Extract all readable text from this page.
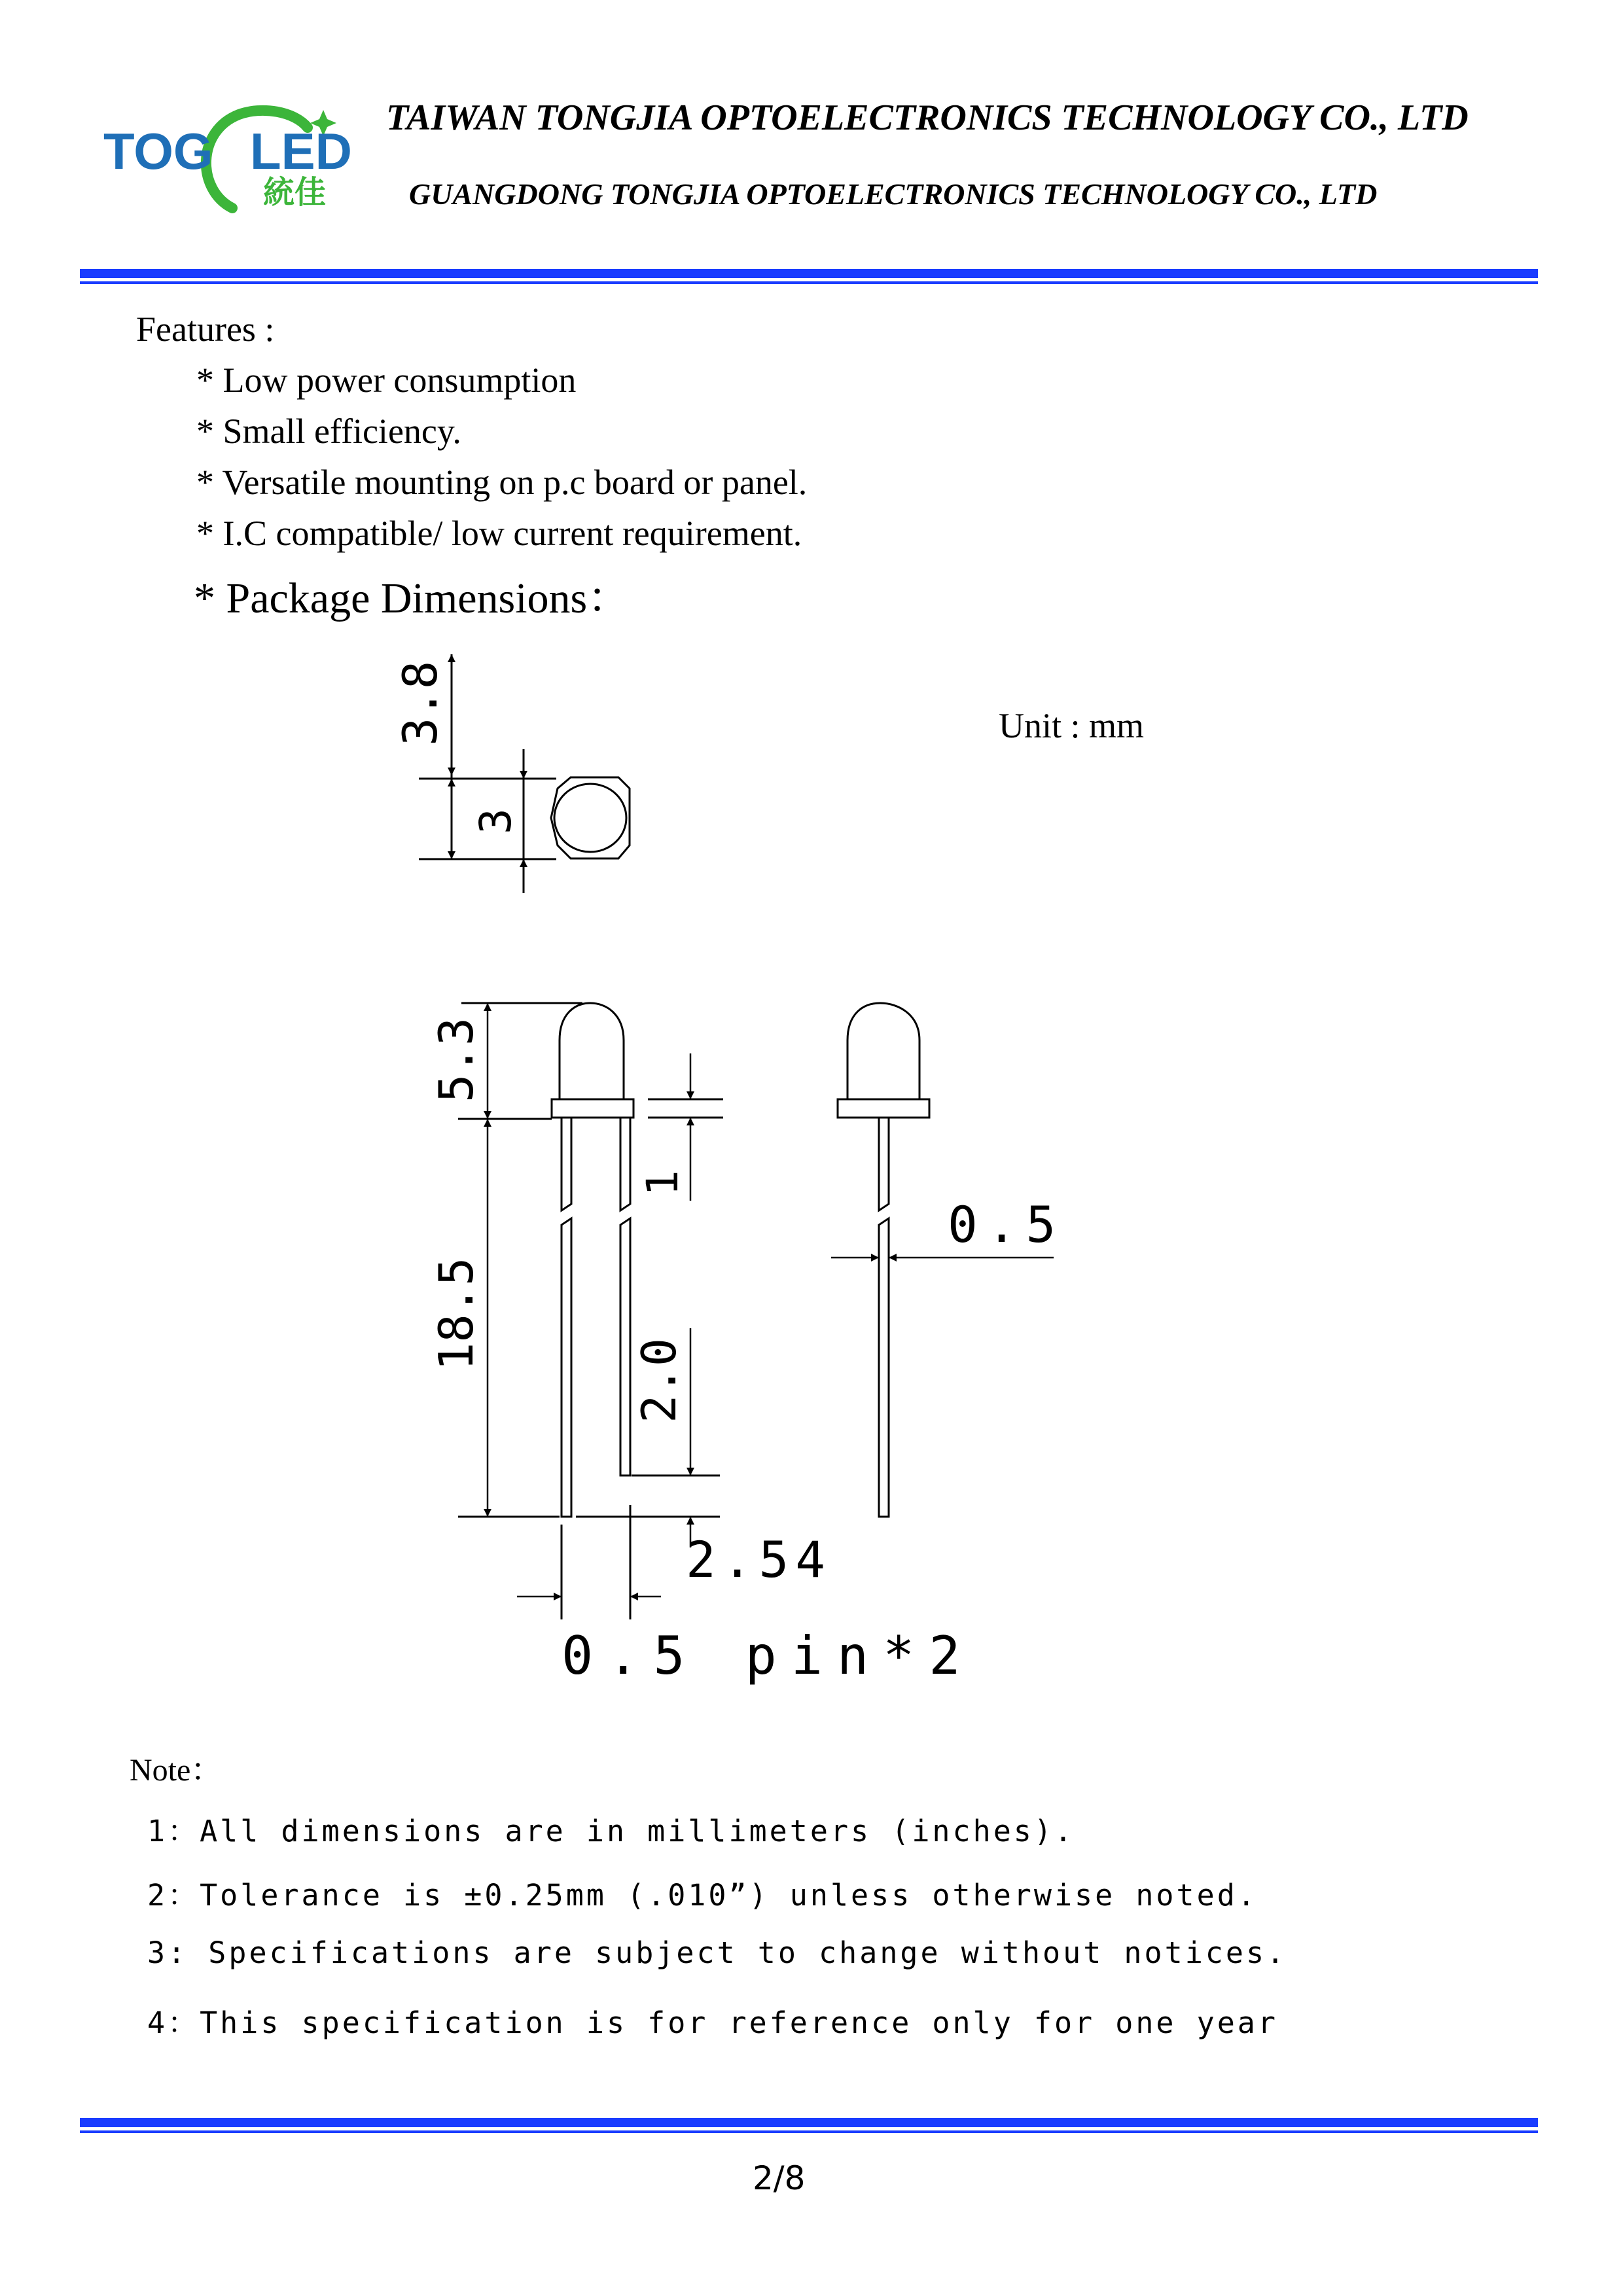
TOG LED
統佳
TAIWAN TONGJIA OPTOELECTRONICS TECHNOLOGY CO., LTD
GUANGDONG TONGJIA OPTOELECTRONICS TECHNOLOGY CO., LTD
Features :
* Low power consumption
* Small efficiency.
* Versatile mounting on p.c board or panel.
* I.C compatible/ low current requirement.
* Package Dimensions：
Unit : mm
3.8
3
5.3
18.5
1
2.0
0.5
2.54
0.5 pin*2
Note：
1：All dimensions are in millimeters (inches).
2：Tolerance is ±0.25mm (.010”) unless otherwise noted.
3: Specifications are subject to change without notices.
4：This specification is for reference only for one year
2/8
